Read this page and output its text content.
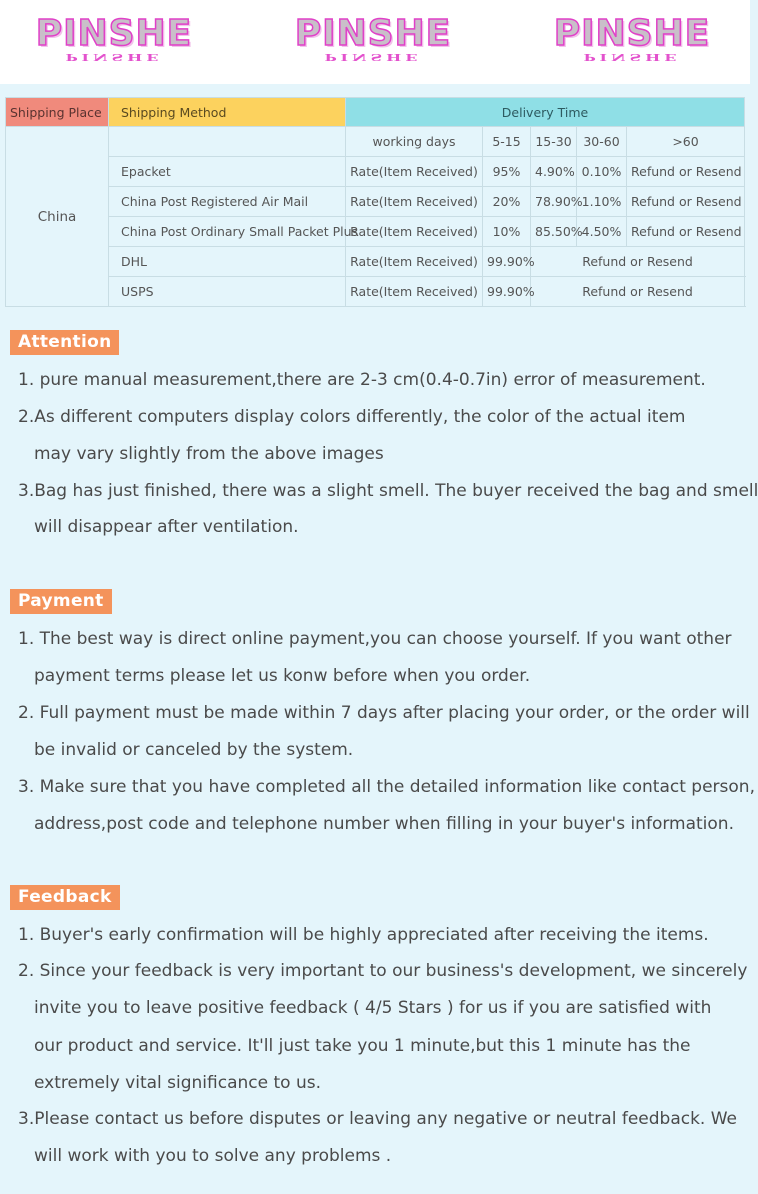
PINSHE
PINSHE
PINSHE
PINSHE
PINSHE
PINSHE
Shipping Place	Shipping Method	Delivery Time				
China		working days	5-15	15-30	30-60	>60
	Epacket	Rate(Item Received)	95%	4.90%	0.10%	Refund or Resend
	China Post Registered Air Mail	Rate(Item Received)	20%	78.90%	1.10%	Refund or Resend
	China Post Ordinary Small Packet Plus	Rate(Item Received)	10%	85.50%	4.50%	Refund or Resend
	DHL	Rate(Item Received)	99.90%	Refund or Resend		
	USPS	Rate(Item Received)	99.90%	Refund or Resend		
Attention
1. pure manual measurement,there are 2-3 cm(0.4-0.7in) error of measurement.
2.As different computers display colors differently, the color of the actual item
may vary slightly from the above images
3.Bag has just finished, there was a slight smell. The buyer received the bag and smell
will disappear after ventilation.
Payment
1. The best way is direct online payment,you can choose yourself. If you want other
payment terms please let us konw before when you order.
2. Full payment must be made within 7 days after placing your order, or the order will
be invalid or canceled by the system.
3. Make sure that you have completed all the detailed information like contact person,
address,post code and telephone number when filling in your buyer's information.
Feedback
1. Buyer's early confirmation will be highly appreciated after receiving the items.
2. Since your feedback is very important to our business's development, we sincerely
invite you to leave positive feedback ( 4/5 Stars ) for us if you are satisfied with
our product and service. It'll just take you 1 minute,but this 1 minute has the
extremely vital significance to us.
3.Please contact us before disputes or leaving any negative or neutral feedback. We
will work with you to solve any problems .
